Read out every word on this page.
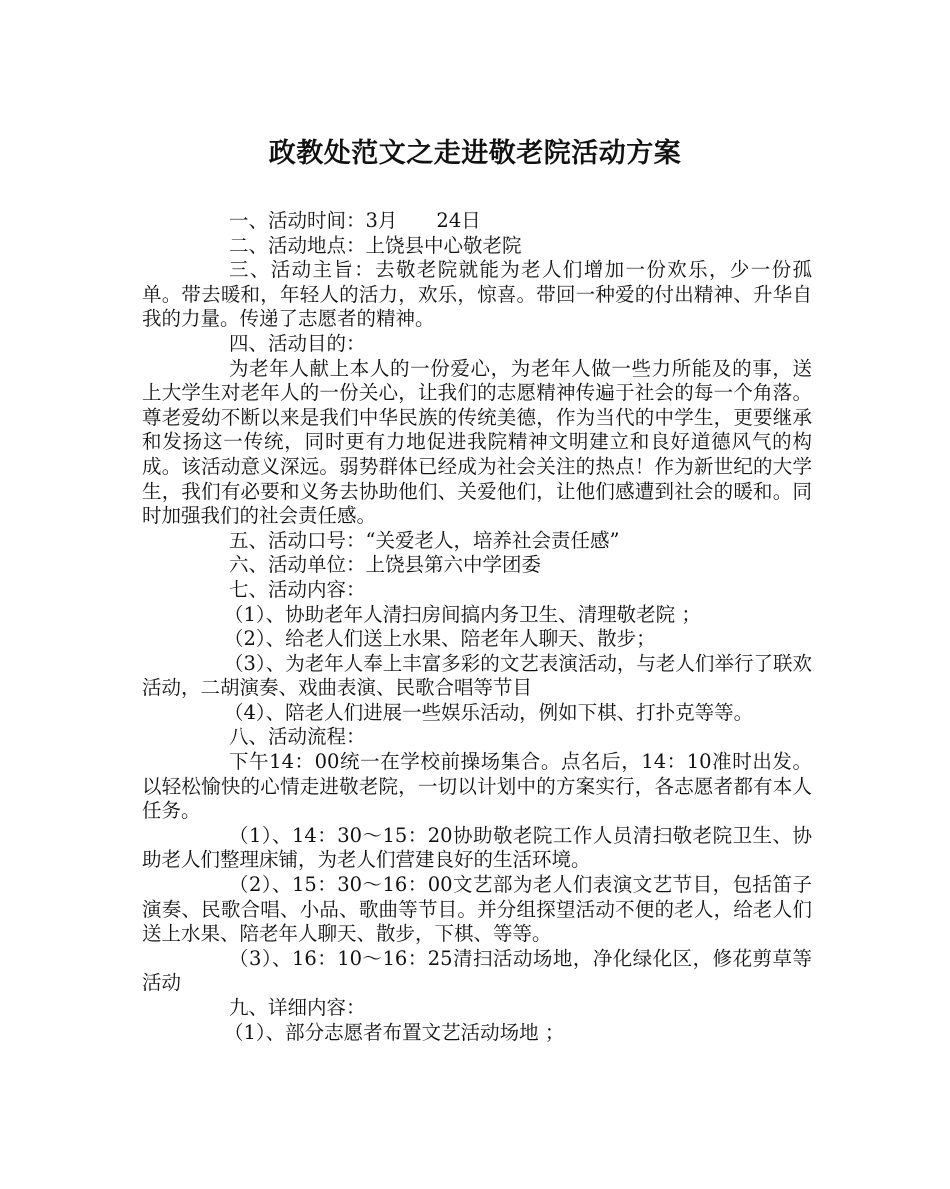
政教处范文之走进敬老院活动方案

一、活动时间：3月　　24日

二、活动地点：上饶县中心敬老院

三、活动主旨：去敬老院就能为老人们增加一份欢乐，少一份孤单。带去暖和，年轻人的活力，欢乐，惊喜。带回一种爱的付出精神、升华自我的力量。传递了志愿者的精神。

四、活动目的：

为老年人献上本人的一份爱心，为老年人做一些力所能及的事，送上大学生对老年人的一份关心，让我们的志愿精神传遍于社会的每一个角落。尊老爱幼不断以来是我们中华民族的传统美德，作为当代的中学生，更要继承和发扬这一传统，同时更有力地促进我院精神文明建立和良好道德风气的构成。该活动意义深远。弱势群体已经成为社会关注的热点！作为新世纪的大学生，我们有必要和义务去协助他们、关爱他们，让他们感遭到社会的暖和。同时加强我们的社会责任感。

五、活动口号：“关爱老人，培养社会责任感”

六、活动单位：上饶县第六中学团委

七、活动内容：

（1）、协助老年人清扫房间搞内务卫生、清理敬老院 ；

（2）、给老人们送上水果、陪老年人聊天、散步；

（3）、为老年人奉上丰富多彩的文艺表演活动，与老人们举行了联欢活动，二胡演奏、戏曲表演、民歌合唱等节目

（4）、陪老人们进展一些娱乐活动，例如下棋、打扑克等等。

八、活动流程：

下午14：00统一在学校前操场集合。点名后，14：10准时出发。以轻松愉快的心情走进敬老院，一切以计划中的方案实行，各志愿者都有本人任务。

（1）、14：30～15：20协助敬老院工作人员清扫敬老院卫生、协助老人们整理床铺，为老人们营建良好的生活环境。

（2）、15：30～16：00文艺部为老人们表演文艺节目，包括笛子演奏、民歌合唱、小品、歌曲等节目。并分组探望活动不便的老人，给老人们送上水果、陪老年人聊天、散步，下棋、等等。

（3）、16：10～16：25清扫活动场地，净化绿化区，修花剪草等活动

九、详细内容：

（1）、部分志愿者布置文艺活动场地 ；
